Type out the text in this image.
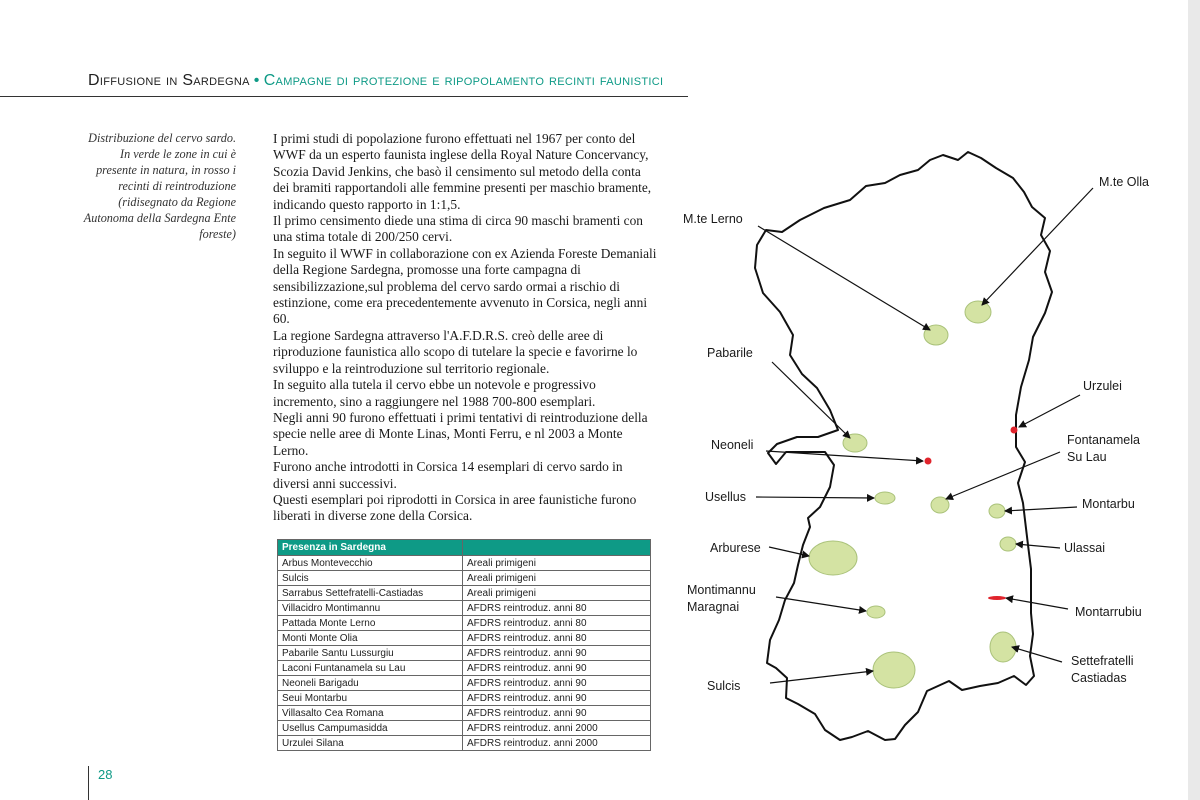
Diffusione in Sardegna • Campagne di protezione e ripopolamento recinti faunistici
Distribuzione del cervo sardo. In verde le zone in cui è presente in natura, in rosso i recinti di reintroduzione (ridisegnato da Regione Autonoma della Sardegna Ente foreste)

I primi studi di popolazione furono effettuati nel 1967 per conto del WWF da un esperto faunista inglese della Royal Nature Concervancy, Scozia David Jenkins, che basò il censimento sul metodo della conta dei bramiti rapportandoli alle femmine presenti per maschio bramente, indicando questo rapporto in 1:1,5.

Il primo censimento diede una stima di circa 90 maschi bramenti con una stima totale di 200/250 cervi.

In seguito il WWF in collaborazione con ex Azienda Foreste Demaniali della Regione Sardegna, promosse una forte campagna di sensibilizzazione,sul problema del cervo sardo ormai a rischio di estinzione, come era precedentemente avvenuto in Corsica, negli anni 60.

La regione Sardegna attraverso l'A.F.D.R.S. creò delle aree di riproduzione faunistica allo scopo di tutelare la specie e favorirne lo sviluppo e la reintroduzione sul territorio regionale.

In seguito alla tutela il cervo ebbe un notevole e progressivo incremento, sino a raggiungere nel 1988 700-800 esemplari.

Negli anni 90 furono effettuati i primi tentativi di reintroduzione della specie nelle aree di Monte Linas, Monti Ferru, e nl 2003 a Monte Lerno.

Furono anche introdotti in Corsica 14 esemplari di cervo sardo in diversi anni successivi.

Questi esemplari poi riprodotti in Corsica in aree faunistiche furono liberati in diverse zone della Corsica.

Presenza in Sardegna	
Arbus Montevecchio	Areali primigeni
Sulcis	Areali primigeni
Sarrabus Settefratelli-Castiadas	Areali primigeni
Villacidro Montimannu	AFDRS reintroduz. anni 80
Pattada Monte Lerno	AFDRS reintroduz. anni 80
Monti Monte Olia	AFDRS reintroduz. anni 80
Pabarile Santu Lussurgiu	AFDRS reintroduz. anni 90
Laconi Funtanamela su Lau	AFDRS reintroduz. anni 90
Neoneli Barigadu	AFDRS reintroduz. anni 90
Seui Montarbu	AFDRS reintroduz. anni 90
Villasalto Cea Romana	AFDRS reintroduz. anni 90
Usellus Campumasidda	AFDRS reintroduz. anni 2000
Urzulei Silana	AFDRS reintroduz. anni 2000
28
M.te Olla
M.te Lerno
Pabarile
Urzulei
Neoneli	Fontanamela
Su Lau
Usellus	Montarbu
Arburese	Ulassai
Montimannu
Maragnai	Montarrubiu
Settefratelli
Castiadas
Sulcis
